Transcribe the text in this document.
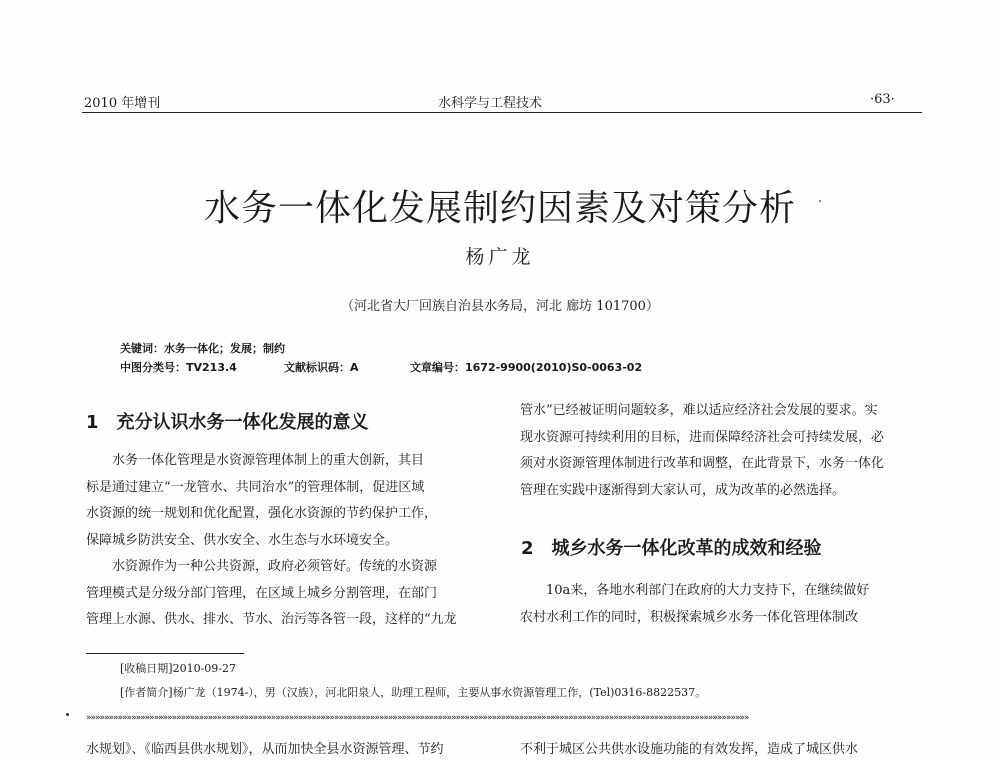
2010 年增刊	水科学与工程技术	·63·
水务一体化发展制约因素及对策分析
杨广龙
（河北省大厂回族自治县水务局，河北 廊坊 101700）
关键词：水务一体化；发展；制约
中图分类号：TV213.4	文献标识码：A	文章编号：1672-9900(2010)S0-0063-02
1　充分认识水务一体化发展的意义
　　水务一体化管理是水资源管理体制上的重大创新，其目
标是通过建立“一龙管水、共同治水”的管理体制，促进区域
水资源的统一规划和优化配置，强化水资源的节约保护工作，
保障城乡防洪安全、供水安全、水生态与水环境安全。
　　水资源作为一种公共资源，政府必须管好。传统的水资源
管理模式是分级分部门管理，在区域上城乡分割管理，在部门
管理上水源、供水、排水、节水、治污等各管一段，这样的“九龙
管水”已经被证明问题较多，难以适应经济社会发展的要求。实
现水资源可持续利用的目标，进而保障经济社会可持续发展，必
须对水资源管理体制进行改革和调整，在此背景下，水务一体化
管理在实践中逐渐得到大家认可，成为改革的必然选择。
2　城乡水务一体化改革的成效和经验
　　10a来，各地水利部门在政府的大力支持下，在继续做好
农村水利工作的同时，积极探索城乡水务一体化管理体制改
[收稿日期]2010-09-27
[作者简介]杨广龙（1974-），男（汉族），河北阳泉人，助理工程师，主要从事水资源管理工作，(Tel)0316-8822537。
»»»»»»»»»»»»»»»»»»»»»»»»»»»»»»»»»»»»»»»»»»»»»»»»»»»»»»»»»»»»»»»»»»»»»»»»»»»»»»»»»»»»»»»»»»»»»»»»»»»»»»»»»»»»»»»»»»»»»»»»»»»»»»»»»»»»»»»»»»»»»»»»»»»
水规划》、《临西县供水规划》，从而加快全县水资源管理、节约	不利于城区公共供水设施功能的有效发挥，造成了城区供水
